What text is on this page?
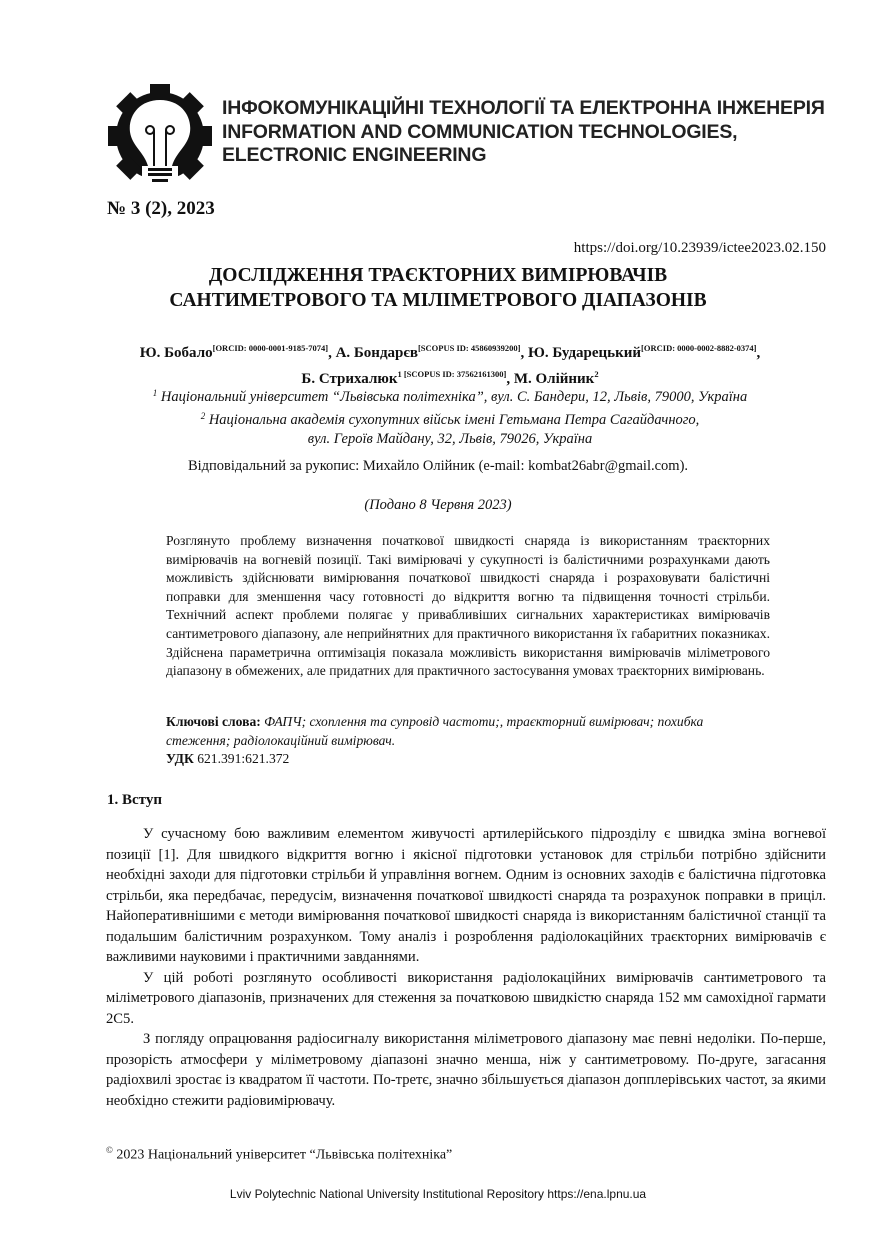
ІНФОКОМУНІКАЦІЙНІ ТЕХНОЛОГІЇ ТА ЕЛЕКТРОННА ІНЖЕНЕРІЯ
INFORMATION AND COMMUNICATION TECHNOLOGIES,
ELECTRONIC ENGINEERING
№ 3 (2), 2023
https://doi.org/10.23939/ictee2023.02.150
ДОСЛІДЖЕННЯ ТРАЄКТОРНИХ ВИМІРЮВАЧІВ
САНТИМЕТРОВОГО ТА МІЛІМЕТРОВОГО ДІАПАЗОНІВ
Ю. Бобало[ORCID: 0000-0001-9185-7074], А. Бондарєв[SCOPUS ID: 45860939200], Ю. Бударецький[ORCID: 0000-0002-8882-0374],
Б. Стрихалюк$^{1 [SCOPUS ID: 37562161300]}$, М. Олійник$^2$
$^1$ Національний університет “Львівська політехніка”, вул. С. Бандери, 12, Львів, 79000, Україна
$^2$ Національна академія сухопутних військ імені Гетьмана Петра Сагайдачного,
вул. Героїв Майдану, 32, Львів, 79026, Україна
Відповідальний за рукопис: Михайло Олійник (e-mail: kombat26abr@gmail.com).
(Подано 8 Червня 2023)
Розглянуто проблему визначення початкової швидкості снаряда із використанням траєкторних вимірювачів на вогневій позиції. Такі вимірювачі у сукупності із балістичними розрахунками дають можливість здійснювати вимірювання початкової швидкості снаряда і розраховувати балістичні поправки для зменшення часу готовності до відкриття вогню та підвищення точності стрільби. Технічний аспект проблеми полягає у привабливіших сигнальних характеристиках вимірювачів сантиметрового діапазону, але неприйнятних для практичного використання їх габаритних показниках. Здійснена параметрична оптимізація показала можливість використання вимірювачів міліметрового діапазону в обмежених, але придатних для практичного застосування умовах траєкторних вимірювань.
Ключові слова: ФАПЧ; схоплення та супровід частоти;, траєкторний вимірювач; похибка стеження; радіолокаційний вимірювач.
УДК 621.391:621.372
1. Вступ

У сучасному бою важливим елементом живучості артилерійського підрозділу є швидка зміна вогневої позиції [1]. Для швидкого відкриття вогню і якісної підготовки установок для стрільби потрібно здійснити необхідні заходи для підготовки стрільби й управління вогнем. Одним із основних заходів є балістична підготовка стрільби, яка передбачає, передусім, визначення початкової швидкості снаряда та розрахунок поправки в приціл. Найоперативнішими є методи вимірювання початкової швидкості снаряда із використанням балістичної станції та подальшим балістичним розрахунком. Тому аналіз і розроблення радіолокаційних траєкторних вимірювачів є важливими науковими і практичними завданнями.

У цій роботі розглянуто особливості використання радіолокаційних вимірювачів сантиметрового та міліметрового діапазонів, призначених для стеження за початковою швидкістю снаряда 152 мм самохідної гармати 2С5.

З погляду опрацювання радіосигналу використання міліметрового діапазону має певні недоліки. По-перше, прозорість атмосфери у міліметровому діапазоні значно менша, ніж у сантиметровому. По-друге, загасання радіохвилі зростає із квадратом її частоти. По-третє, значно збільшується діапазон допплерівських частот, за якими необхідно стежити радіовимірювачу.

© 2023 Національний університет “Львівська політехніка”
Lviv Polytechnic National University Institutional Repository https://ena.lpnu.ua
